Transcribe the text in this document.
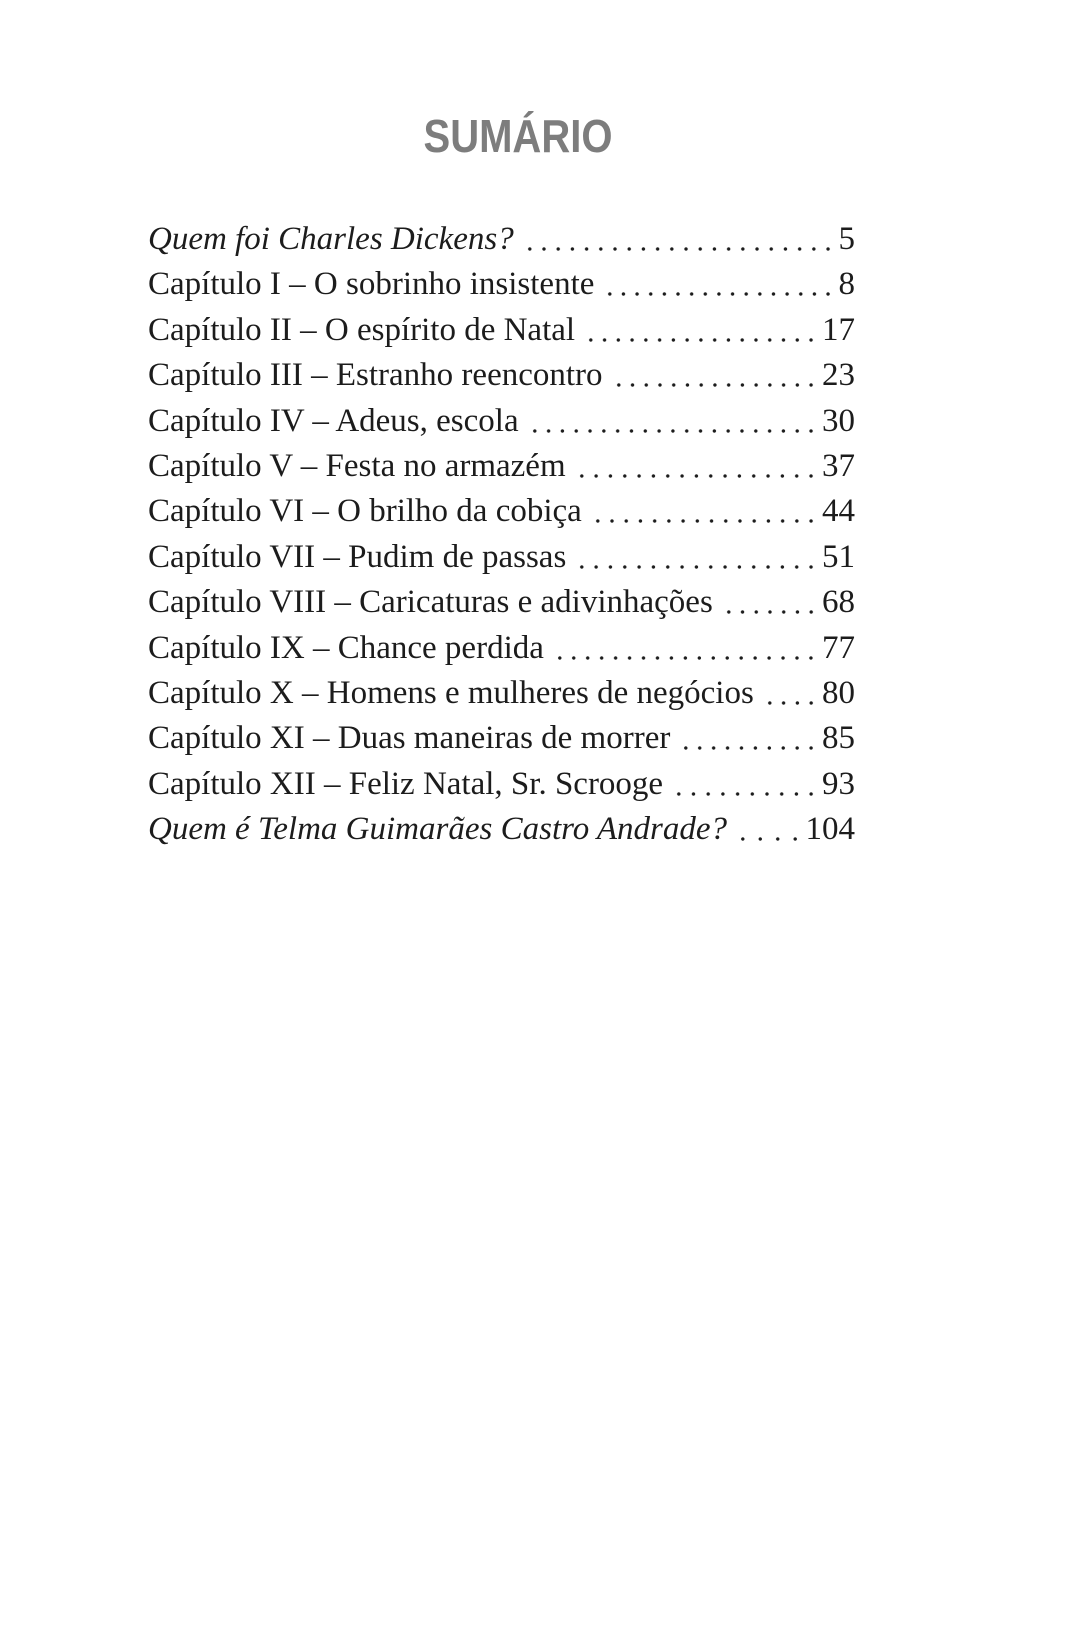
SUMÁRIO
Quem foi Charles Dickens?	5
Capítulo I – O sobrinho insistente	8
Capítulo II – O espírito de Natal	17
Capítulo III – Estranho reencontro	23
Capítulo IV – Adeus, escola	30
Capítulo V – Festa no armazém	37
Capítulo VI – O brilho da cobiça	44
Capítulo VII – Pudim de passas	51
Capítulo VIII – Caricaturas e adivinhações	68
Capítulo IX – Chance perdida	77
Capítulo X – Homens e mulheres de negócios 80
Capítulo XI – Duas maneiras de morrer	85
Capítulo XII – Feliz Natal, Sr. Scrooge	93
Quem é Telma Guimarães Castro Andrade? 104
